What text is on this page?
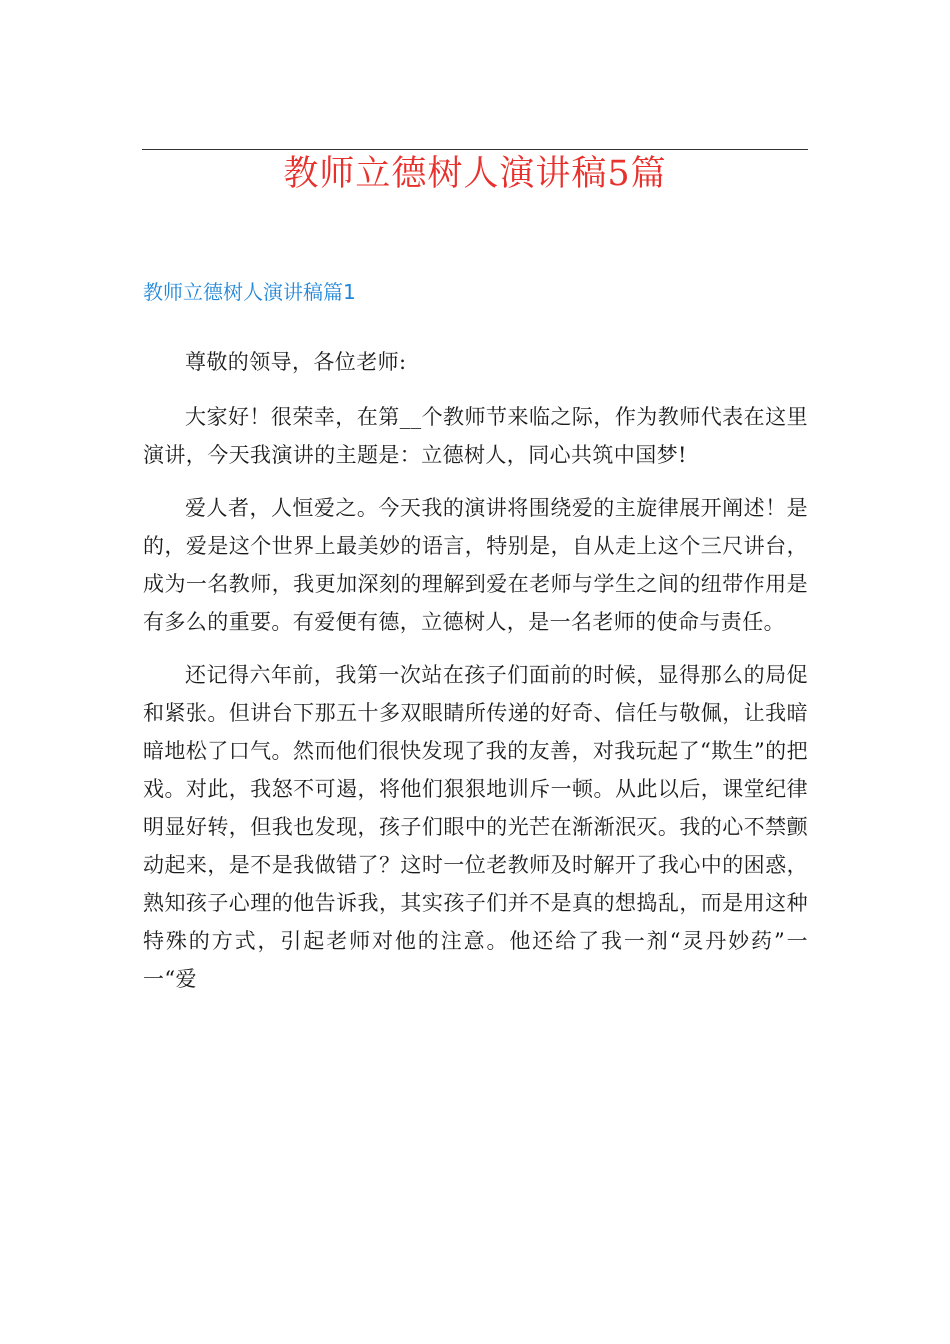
教师立德树人演讲稿5篇
教师立德树人演讲稿篇1

尊敬的领导，各位老师:

大家好！很荣幸，在第__个教师节来临之际，作为教师代表在这里演讲，今天我演讲的主题是：立德树人，同心共筑中国梦!

爱人者，人恒爱之。今天我的演讲将围绕爱的主旋律展开阐述！是的，爱是这个世界上最美妙的语言，特别是，自从走上这个三尺讲台，成为一名教师，我更加深刻的理解到爱在老师与学生之间的纽带作用是有多么的重要。有爱便有德，立德树人，是一名老师的使命与责任。

还记得六年前，我第一次站在孩子们面前的时候，显得那么的局促和紧张。但讲台下那五十多双眼睛所传递的好奇、信任与敬佩，让我暗暗地松了口气。然而他们很快发现了我的友善，对我玩起了“欺生”的把戏。对此，我怒不可遏，将他们狠狠地训斥一顿。从此以后，课堂纪律明显好转，但我也发现，孩子们眼中的光芒在渐渐泯灭。我的心不禁颤动起来，是不是我做错了？这时一位老教师及时解开了我心中的困惑，熟知孩子心理的他告诉我，其实孩子们并不是真的想捣乱，而是用这种特殊的方式，引起老师对他的注意。他还给了我一剂“灵丹妙药”一一“爱
